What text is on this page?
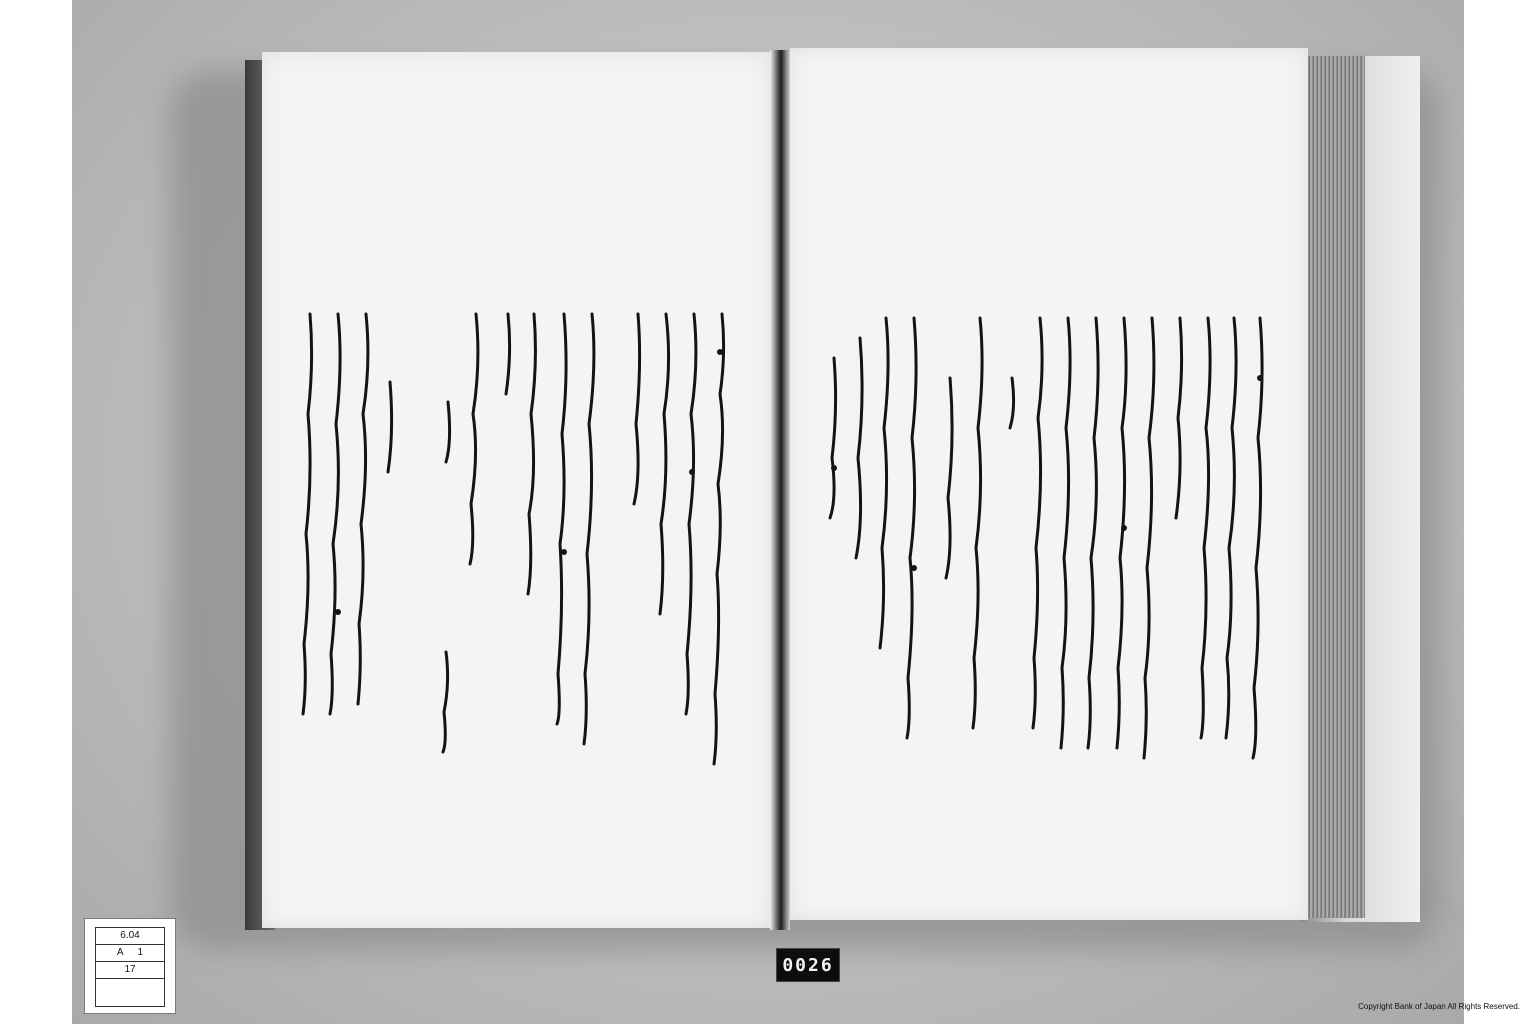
6.04
A 1
17	0026
Copyright Bank of Japan All Rights Reserved.
